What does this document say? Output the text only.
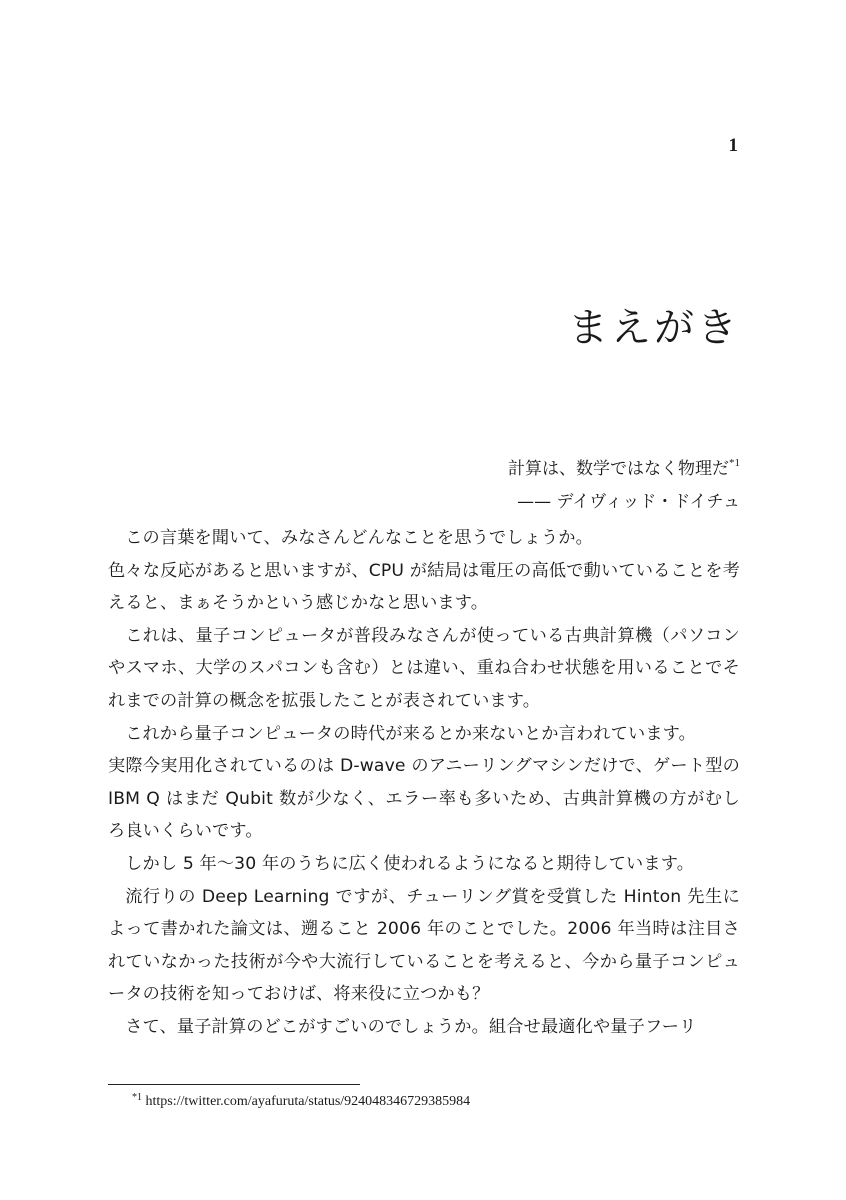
1
まえがき
計算は、数学ではなく物理だ$^{*1}$
—— デイヴィッド・ドイチュ

この言葉を聞いて、みなさんどんなことを思うでしょうか。

色々な反応があると思いますが、CPU が結局は電圧の高低で動いていることを考えると、まぁそうかという感じかなと思います。

これは、量子コンピュータが普段みなさんが使っている古典計算機（パソコンやスマホ、大学のスパコンも含む）とは違い、重ね合わせ状態を用いることでそれまでの計算の概念を拡張したことが表されています。

これから量子コンピュータの時代が来るとか来ないとか言われています。

実際今実用化されているのは D-wave のアニーリングマシンだけで、ゲート型の IBM Q はまだ Qubit 数が少なく、エラー率も多いため、古典計算機の方がむしろ良いくらいです。

しかし 5 年〜30 年のうちに広く使われるようになると期待しています。

流行りの Deep Learning ですが、チューリング賞を受賞した Hinton 先生によって書かれた論文は、遡ること 2006 年のことでした。2006 年当時は注目されていなかった技術が今や大流行していることを考えると、今から量子コンピュータの技術を知っておけば、将来役に立つかも？

さて、量子計算のどこがすごいのでしょうか。組合せ最適化や量子フーリ

$^{*1}$ https://twitter.com/ayafuruta/status/924048346729385984
